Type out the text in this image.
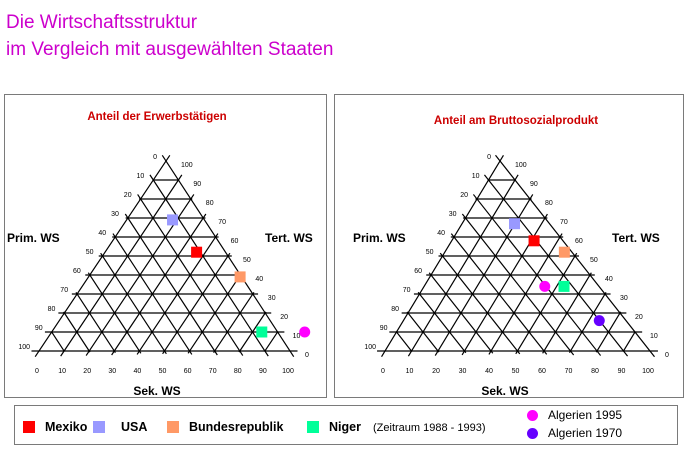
Die Wirtschaftsstruktur
im Vergleich mit ausgewählten Staaten
Anteil der Erwerbstätigen
0
10
20
30
40
50
60
70
80
90
100
0
10
20
30
40
50
60
70
80
90
100
0	10 20 30 40 50 60 70 80 90 100
Prim. WS	Tert. WS
Sek. WS
Anteil am Bruttosozialprodukt
0
10
20
30
40
50
60
70
80
90
100
0
10
20
30
40
50
60
70
80
90
100
0	10	20	30	40	50	60	70	80	90 100
Prim. WS	Tert. WS
Sek. WS
Mexiko	USA	Bundesrepublik	Niger (Zeitraum 1988 - 1993)
Algerien 1995
Algerien 1970
